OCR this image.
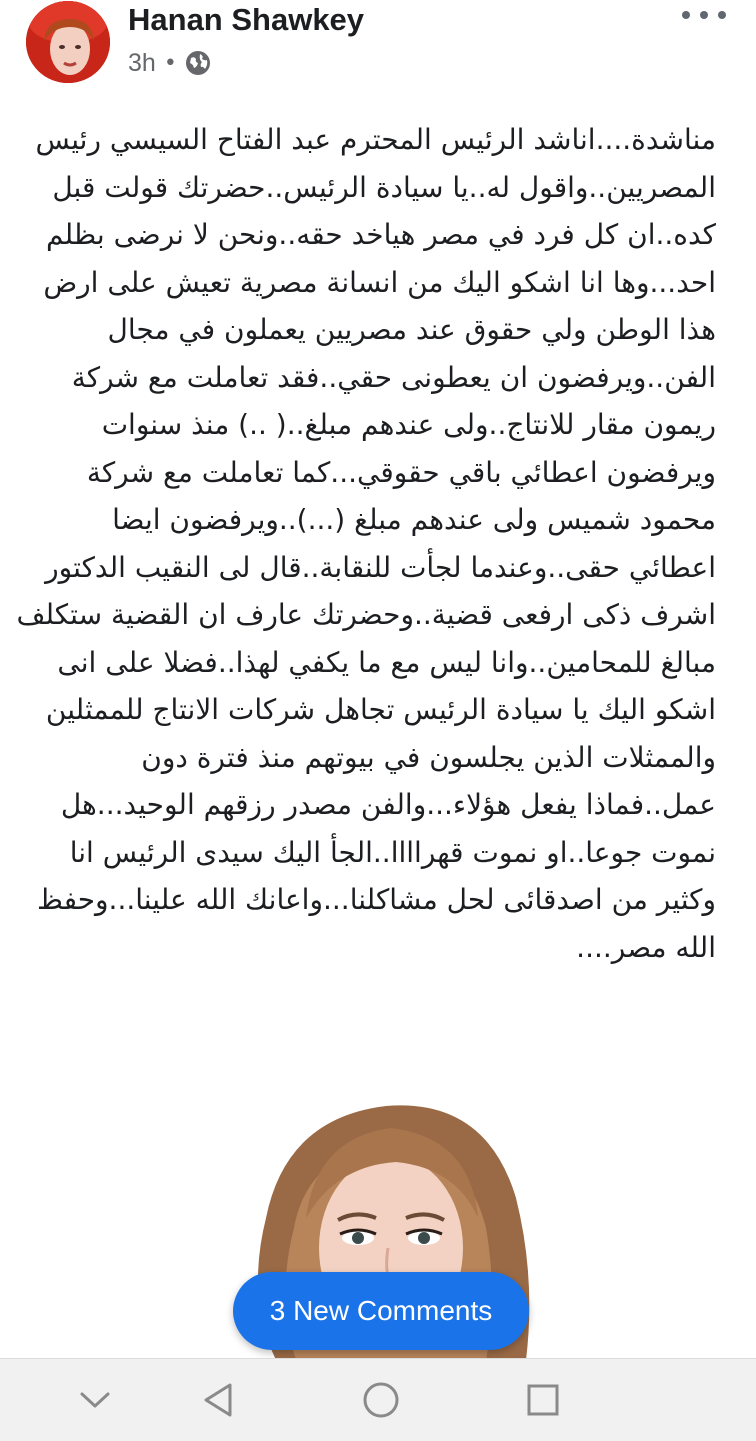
Hanan Shawkey
3h •
مناشدة....اناشد الرئيس المحترم عبد الفتاح السيسي رئيس
المصريين..واقول له..يا سيادة الرئيس..حضرتك قولت قبل
كده..ان كل فرد في مصر هياخد حقه..ونحن لا نرضى بظلم
احد...وها انا اشكو اليك من انسانة مصرية تعيش على ارض
هذا الوطن ولي حقوق عند مصريين يعملون في مجال
الفن..ويرفضون ان يعطونى حقي..فقد تعاملت مع شركة
ريمون مقار للانتاج..ولى عندهم مبلغ..( ..) منذ سنوات
ويرفضون اعطائي باقي حقوقي...كما تعاملت مع شركة
محمود شميس ولى عندهم مبلغ (...)..ويرفضون ايضا
اعطائي حقى..وعندما لجأت للنقابة..قال لى النقيب الدكتور
اشرف ذكى ارفعى قضية..وحضرتك عارف ان القضية ستكلف
مبالغ للمحامين..وانا ليس مع ما يكفي لهذا..فضلا على انى
اشكو اليك يا سيادة الرئيس تجاهل شركات الانتاج للممثلين
والممثلات الذين يجلسون في بيوتهم منذ فترة دون
عمل..فماذا يفعل هؤلاء...والفن مصدر رزقهم الوحيد...هل
نموت جوعا..او نموت قهراااا..الجأ اليك سيدى الرئيس انا
وكثير من اصدقائى لحل مشاكلنا...واعانك الله علينا...وحفظ
الله مصر....
3 New Comments
